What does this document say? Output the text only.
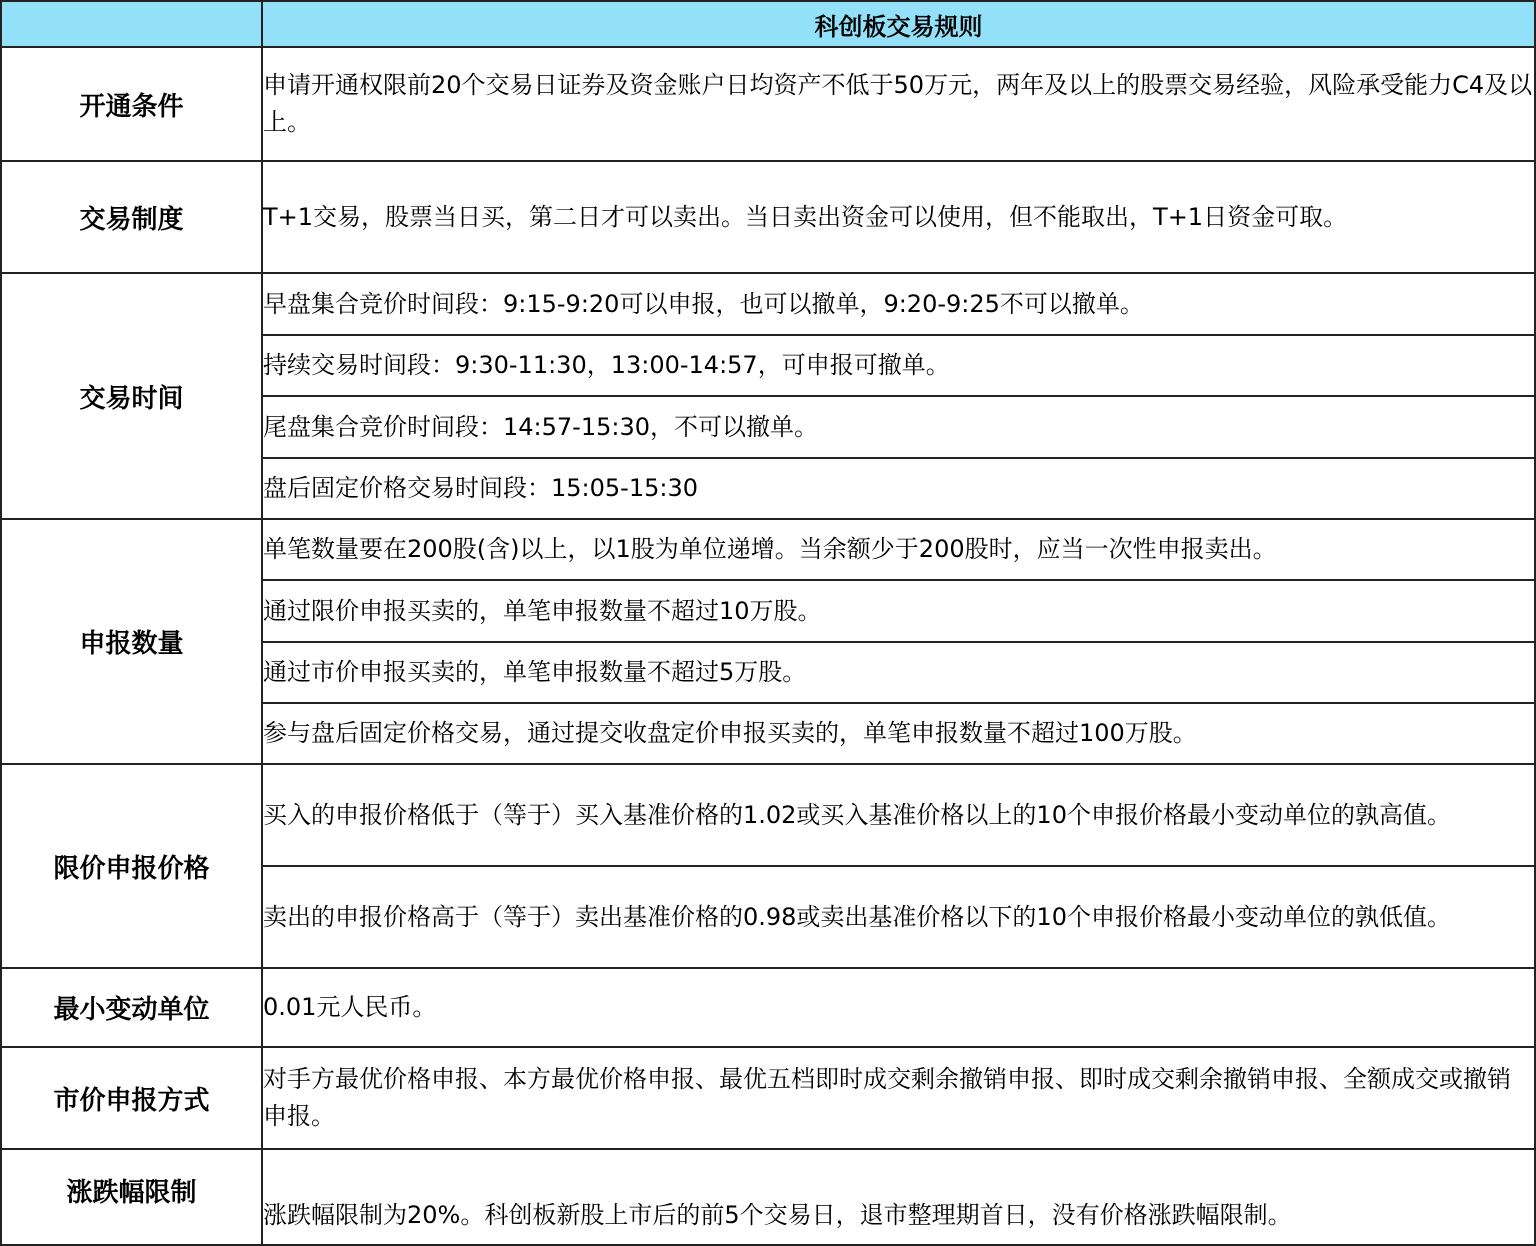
	科创板交易规则
开通条件	申请开通权限前20个交易日证券及资金账户日均资产不低于50万元，两年及以上的股票交易经验，风险承受能力C4及以上。
交易制度	T+1交易，股票当日买，第二日才可以卖出。当日卖出资金可以使用，但不能取出，T+1日资金可取。
交易时间	早盘集合竞价时间段：9:15-9:20可以申报，也可以撤单，9:20-9:25不可以撤单。
	持续交易时间段：9:30-11:30，13:00-14:57，可申报可撤单。
	尾盘集合竞价时间段：14:57-15:30，不可以撤单。
	盘后固定价格交易时间段：15:05-15:30
申报数量	单笔数量要在200股(含)以上，以1股为单位递增。当余额少于200股时，应当一次性申报卖出。
	通过限价申报买卖的，单笔申报数量不超过10万股。
	通过市价申报买卖的，单笔申报数量不超过5万股。
	参与盘后固定价格交易，通过提交收盘定价申报买卖的，单笔申报数量不超过100万股。
限价申报价格	买入的申报价格低于（等于）买入基准价格的1.02或买入基准价格以上的10个申报价格最小变动单位的孰高值。
	卖出的申报价格高于（等于）卖出基准价格的0.98或卖出基准价格以下的10个申报价格最小变动单位的孰低值。
最小变动单位	0.01元人民币。
市价申报方式	对手方最优价格申报、本方最优价格申报、最优五档即时成交剩余撤销申报、即时成交剩余撤销申报、全额成交或撤销申报。
涨跌幅限制	涨跌幅限制为20%。科创板新股上市后的前5个交易日，退市整理期首日，没有价格涨跌幅限制。
